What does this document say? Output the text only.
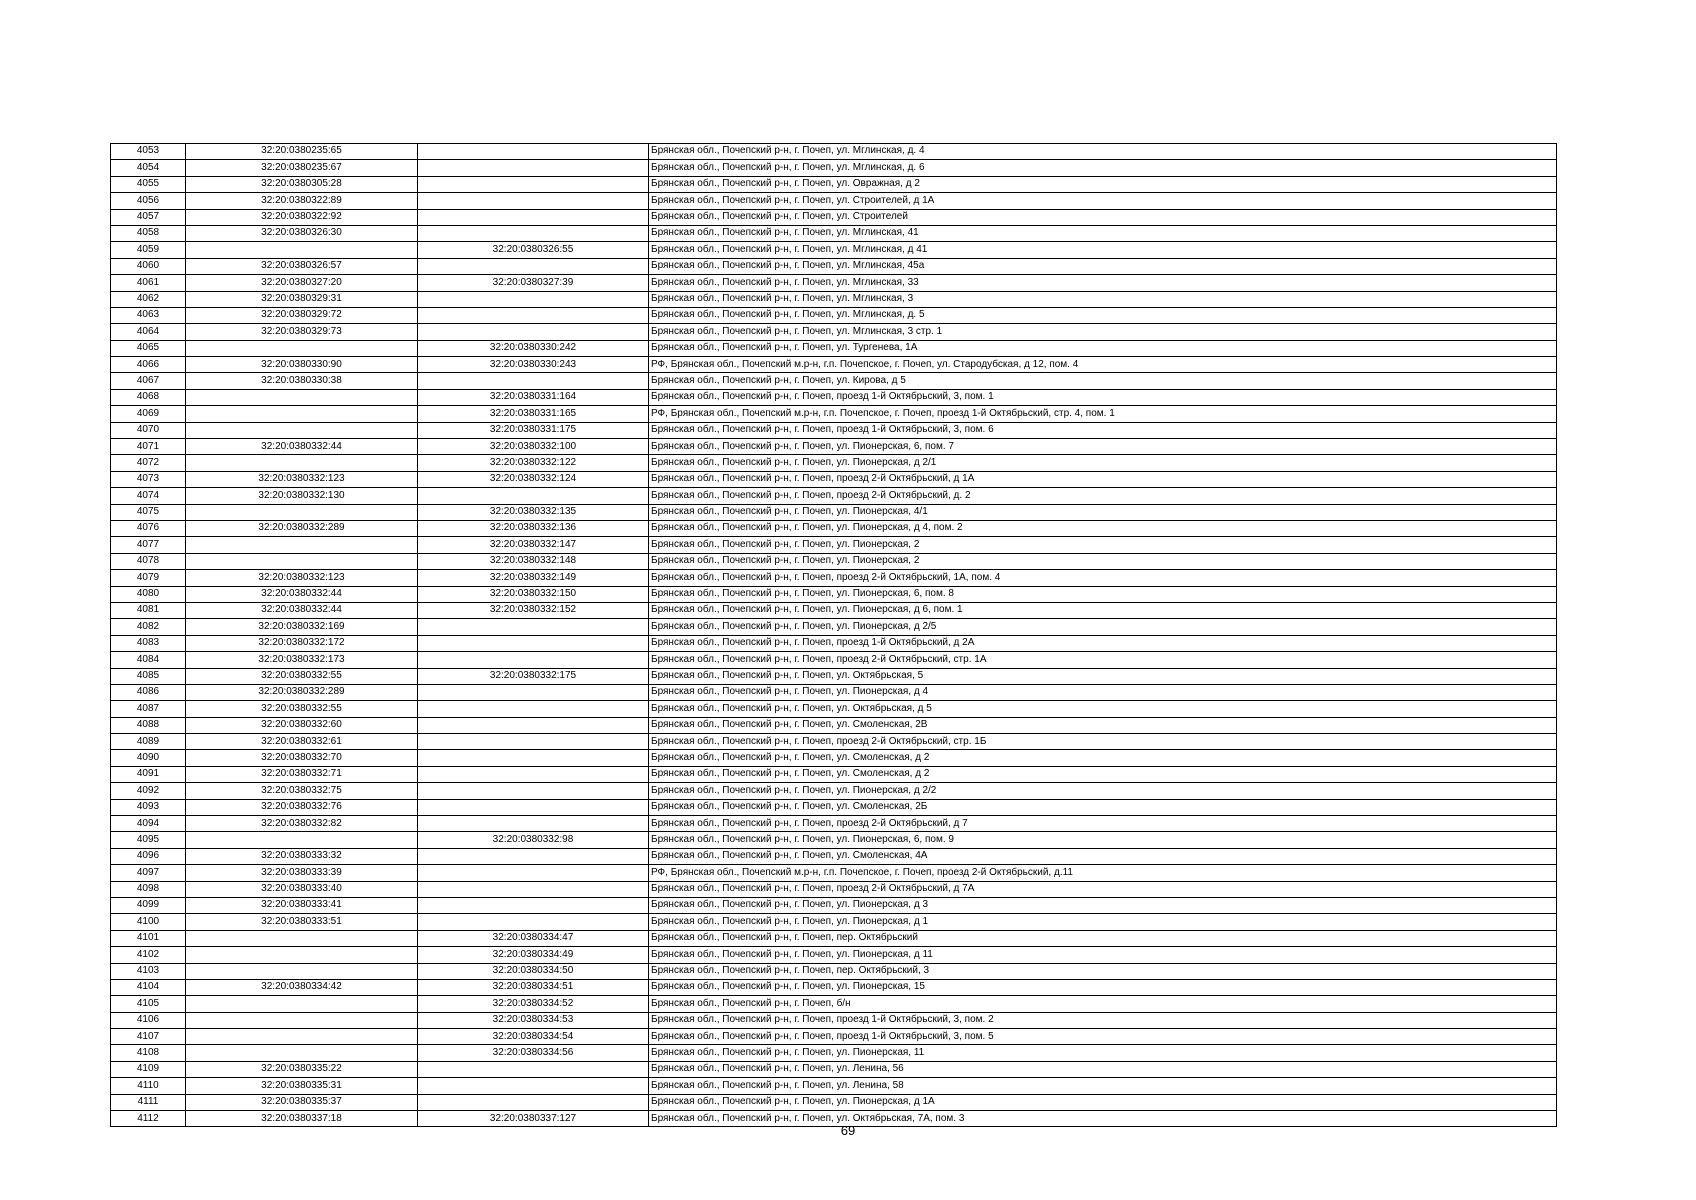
4053	32:20:0380235:65		Брянская обл., Почепский р-н, г. Почеп, ул. Мглинская, д. 4
4054	32:20:0380235:67		Брянская обл., Почепский р-н, г. Почеп, ул. Мглинская, д. 6
4055	32:20:0380305:28		Брянская обл., Почепский р-н, г. Почеп, ул. Овражная, д 2
4056	32:20:0380322:89		Брянская обл., Почепский р-н, г. Почеп, ул. Строителей, д 1А
4057	32:20:0380322:92		Брянская обл., Почепский р-н, г. Почеп, ул. Строителей
4058	32:20:0380326:30		Брянская обл., Почепский р-н, г. Почеп, ул. Мглинская, 41
4059		32:20:0380326:55	Брянская обл., Почепский р-н, г. Почеп, ул. Мглинская, д 41
4060	32:20:0380326:57		Брянская обл., Почепский р-н, г. Почеп, ул. Мглинская, 45а
4061	32:20:0380327:20	32:20:0380327:39	Брянская обл., Почепский р-н, г. Почеп, ул. Мглинская, 33
4062	32:20:0380329:31		Брянская обл., Почепский р-н, г. Почеп, ул. Мглинская, 3
4063	32:20:0380329:72		Брянская обл., Почепский р-н, г. Почеп, ул. Мглинская, д. 5
4064	32:20:0380329:73		Брянская обл., Почепский р-н, г. Почеп, ул. Мглинская, 3 стр. 1
4065		32:20:0380330:242	Брянская обл., Почепский р-н, г. Почеп, ул. Тургенева, 1А
4066	32:20:0380330:90	32:20:0380330:243	РФ, Брянская обл., Почепский м.р-н, г.п. Почепское, г. Почеп, ул. Стародубская, д 12, пом. 4
4067	32:20:0380330:38		Брянская обл., Почепский р-н, г. Почеп, ул. Кирова, д 5
4068		32:20:0380331:164	Брянская обл., Почепский р-н, г. Почеп, проезд 1-й Октябрьский, 3, пом. 1
4069		32:20:0380331:165	РФ, Брянская обл., Почепский м.р-н, г.п. Почепское, г. Почеп, проезд 1-й Октябрьский, стр. 4, пом. 1
4070		32:20:0380331:175	Брянская обл., Почепский р-н, г. Почеп, проезд 1-й Октябрьский, 3, пом. 6
4071	32:20:0380332:44	32:20:0380332:100	Брянская обл., Почепский р-н, г. Почеп, ул. Пионерская, 6, пом. 7
4072		32:20:0380332:122	Брянская обл., Почепский р-н, г. Почеп, ул. Пионерская, д 2/1
4073	32:20:0380332:123	32:20:0380332:124	Брянская обл., Почепский р-н, г. Почеп, проезд 2-й Октябрьский, д 1А
4074	32:20:0380332:130		Брянская обл., Почепский р-н, г. Почеп, проезд 2-й Октябрьский, д. 2
4075		32:20:0380332:135	Брянская обл., Почепский р-н, г. Почеп, ул. Пионерская, 4/1
4076	32:20:0380332:289	32:20:0380332:136	Брянская обл., Почепский р-н, г. Почеп, ул. Пионерская, д 4, пом. 2
4077		32:20:0380332:147	Брянская обл., Почепский р-н, г. Почеп, ул. Пионерская, 2
4078		32:20:0380332:148	Брянская обл., Почепский р-н, г. Почеп, ул. Пионерская, 2
4079	32:20:0380332:123	32:20:0380332:149	Брянская обл., Почепский р-н, г. Почеп, проезд 2-й Октябрьский, 1А, пом. 4
4080	32:20:0380332:44	32:20:0380332:150	Брянская обл., Почепский р-н, г. Почеп, ул. Пионерская, 6, пом. 8
4081	32:20:0380332:44	32:20:0380332:152	Брянская обл., Почепский р-н, г. Почеп, ул. Пионерская, д 6, пом. 1
4082	32:20:0380332:169		Брянская обл., Почепский р-н, г. Почеп, ул. Пионерская, д 2/5
4083	32:20:0380332:172		Брянская обл., Почепский р-н, г. Почеп, проезд 1-й Октябрьский, д 2А
4084	32:20:0380332:173		Брянская обл., Почепский р-н, г. Почеп, проезд 2-й Октябрьский, стр. 1А
4085	32:20:0380332:55	32:20:0380332:175	Брянская обл., Почепский р-н, г. Почеп, ул. Октябрьская, 5
4086	32:20:0380332:289		Брянская обл., Почепский р-н, г. Почеп, ул. Пионерская, д 4
4087	32:20:0380332:55		Брянская обл., Почепский р-н, г. Почеп, ул. Октябрьская, д 5
4088	32:20:0380332:60		Брянская обл., Почепский р-н, г. Почеп, ул. Смоленская, 2В
4089	32:20:0380332:61		Брянская обл., Почепский р-н, г. Почеп, проезд 2-й Октябрьский, стр. 1Б
4090	32:20:0380332:70		Брянская обл., Почепский р-н, г. Почеп, ул. Смоленская, д 2
4091	32:20:0380332:71		Брянская обл., Почепский р-н, г. Почеп, ул. Смоленская, д 2
4092	32:20:0380332:75		Брянская обл., Почепский р-н, г. Почеп, ул. Пионерская, д 2/2
4093	32:20:0380332:76		Брянская обл., Почепский р-н, г. Почеп, ул. Смоленская, 2Б
4094	32:20:0380332:82		Брянская обл., Почепский р-н, г. Почеп, проезд 2-й Октябрьский, д 7
4095		32:20:0380332:98	Брянская обл., Почепский р-н, г. Почеп, ул. Пионерская, 6, пом. 9
4096	32:20:0380333:32		Брянская обл., Почепский р-н, г. Почеп, ул. Смоленская, 4А
4097	32:20:0380333:39		РФ, Брянская обл., Почепский м.р-н, г.п. Почепское, г. Почеп, проезд 2-й Октябрьский, д.11
4098	32:20:0380333:40		Брянская обл., Почепский р-н, г. Почеп, проезд 2-й Октябрьский, д 7А
4099	32:20:0380333:41		Брянская обл., Почепский р-н, г. Почеп, ул. Пионерская, д 3
4100	32:20:0380333:51		Брянская обл., Почепский р-н, г. Почеп, ул. Пионерская, д 1
4101		32:20:0380334:47	Брянская обл., Почепский р-н, г. Почеп, пер. Октябрьский
4102		32:20:0380334:49	Брянская обл., Почепский р-н, г. Почеп, ул. Пионерская, д 11
4103		32:20:0380334:50	Брянская обл., Почепский р-н, г. Почеп, пер. Октябрьский, 3
4104	32:20:0380334:42	32:20:0380334:51	Брянская обл., Почепский р-н, г. Почеп, ул. Пионерская, 15
4105		32:20:0380334:52	Брянская обл., Почепский р-н, г. Почеп, б/н
4106		32:20:0380334:53	Брянская обл., Почепский р-н, г. Почеп, проезд 1-й Октябрьский, 3, пом. 2
4107		32:20:0380334:54	Брянская обл., Почепский р-н, г. Почеп, проезд 1-й Октябрьский, 3, пом. 5
4108		32:20:0380334:56	Брянская обл., Почепский р-н, г. Почеп, ул. Пионерская, 11
4109	32:20:0380335:22		Брянская обл., Почепский р-н, г. Почеп, ул. Ленина, 56
4110	32:20:0380335:31		Брянская обл., Почепский р-н, г. Почеп, ул. Ленина, 58
4111	32:20:0380335:37		Брянская обл., Почепский р-н, г. Почеп, ул. Пионерская, д 1А
4112	32:20:0380337:18	32:20:0380337:127	Брянская обл., Почепский р-н, г. Почеп, ул. Октябрьская, 7А, пом. 3
69
